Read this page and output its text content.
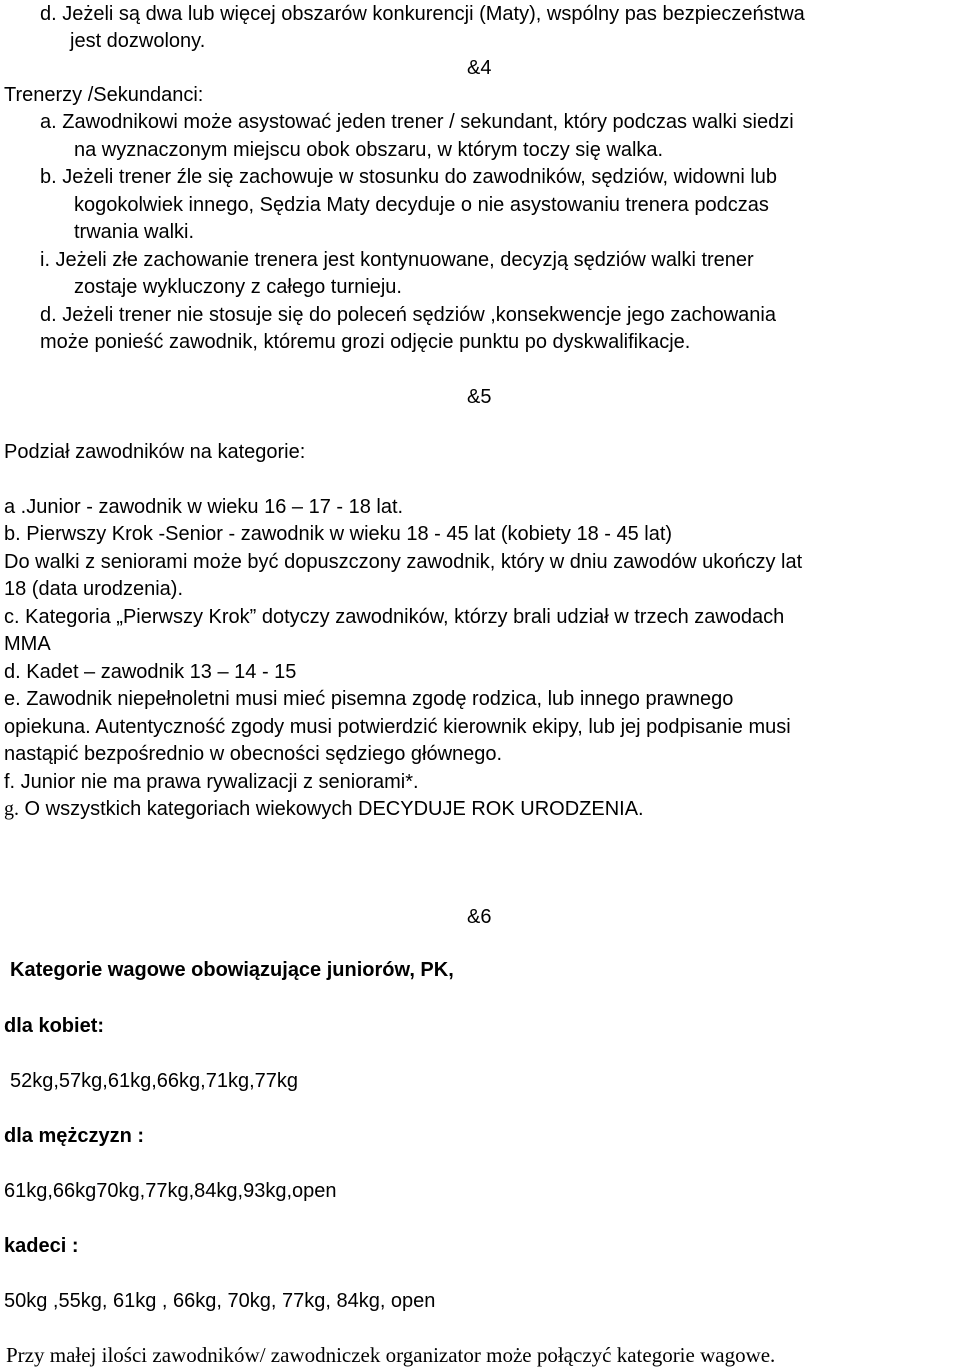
d. Jeżeli są dwa lub więcej obszarów konkurencji (Maty), wspólny pas bezpieczeństwa
jest dozwolony.
&4
Trenerzy /Sekundanci:
a. Zawodnikowi może asystować jeden trener / sekundant, który podczas walki siedzi
na wyznaczonym miejscu obok obszaru, w którym toczy się walka.
b. Jeżeli trener źle się zachowuje w stosunku do zawodników, sędziów, widowni lub
kogokolwiek innego, Sędzia Maty decyduje o nie asystowaniu trenera podczas
trwania walki.
i. Jeżeli złe zachowanie trenera jest kontynuowane, decyzją sędziów walki trener
zostaje wykluczony z całego turnieju.
d. Jeżeli trener nie stosuje się do poleceń sędziów ,konsekwencje jego zachowania
może ponieść zawodnik, któremu grozi odjęcie punktu po dyskwalifikacje.
&5
Podział zawodników na kategorie:
a .Junior - zawodnik w wieku 16 – 17 - 18 lat.
b. Pierwszy Krok -Senior - zawodnik w wieku 18 - 45 lat (kobiety 18 - 45 lat)
Do walki z seniorami może być dopuszczony zawodnik, który w dniu zawodów ukończy lat
18 (data urodzenia).
c. Kategoria „Pierwszy Krok” dotyczy zawodników, którzy brali udział w trzech zawodach
MMA
d. Kadet – zawodnik 13 – 14 - 15
e. Zawodnik niepełnoletni musi mieć pisemna zgodę rodzica, lub innego prawnego
opiekuna. Autentyczność zgody musi potwierdzić kierownik ekipy, lub jej podpisanie musi
nastąpić bezpośrednio w obecności sędziego głównego.
f. Junior nie ma prawa rywalizacji z seniorami*.
g. O wszystkich kategoriach wiekowych DECYDUJE ROK URODZENIA.
&6
Kategorie wagowe obowiązujące juniorów, PK,
dla kobiet:
52kg,57kg,61kg,66kg,71kg,77kg
dla mężczyzn :
61kg,66kg70kg,77kg,84kg,93kg,open
kadeci :
50kg ,55kg, 61kg , 66kg, 70kg, 77kg, 84kg, open
Przy małej ilości zawodników/ zawodniczek organizator może połączyć kategorie wagowe.
